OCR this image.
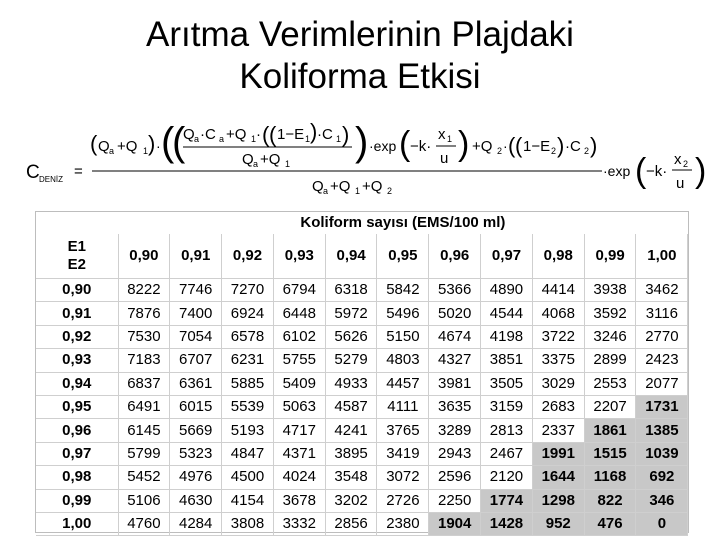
Arıtma Verimlerinin Plajdaki
Koliforma Etkisi
C DENİZ =
( Q a +Q 1 ) · (
(
Q a ·C a +Q 1 · ( ( 1−E 1 ) ·C 1 )
Q a +Q 1 ) ·exp ( −k·
x 1
u ) +Q 2 · ( ( 1−E 2 ) ·C 2 )
Q a +Q 1 +Q 2
·exp ( −k·
x 2
u )
	Koliform sayısı (EMS/100 ml)										

E1
E2	0,90	0,91	0,92	0,93	0,94	0,95	0,96	0,97	0,98	0,99	1,00
0,90	8222	7746	7270	6794	6318	5842	5366	4890	4414	3938	3462
0,91	7876	7400	6924	6448	5972	5496	5020	4544	4068	3592	3116
0,92	7530	7054	6578	6102	5626	5150	4674	4198	3722	3246	2770
0,93	7183	6707	6231	5755	5279	4803	4327	3851	3375	2899	2423
0,94	6837	6361	5885	5409	4933	4457	3981	3505	3029	2553	2077
0,95	6491	6015	5539	5063	4587	4111	3635	3159	2683	2207	1731
0,96	6145	5669	5193	4717	4241	3765	3289	2813	2337	1861	1385
0,97	5799	5323	4847	4371	3895	3419	2943	2467	1991	1515	1039
0,98	5452	4976	4500	4024	3548	3072	2596	2120	1644	1168	692
0,99	5106	4630	4154	3678	3202	2726	2250	1774	1298	822	346
1,00	4760	4284	3808	3332	2856	2380	1904	1428	952	476	0
